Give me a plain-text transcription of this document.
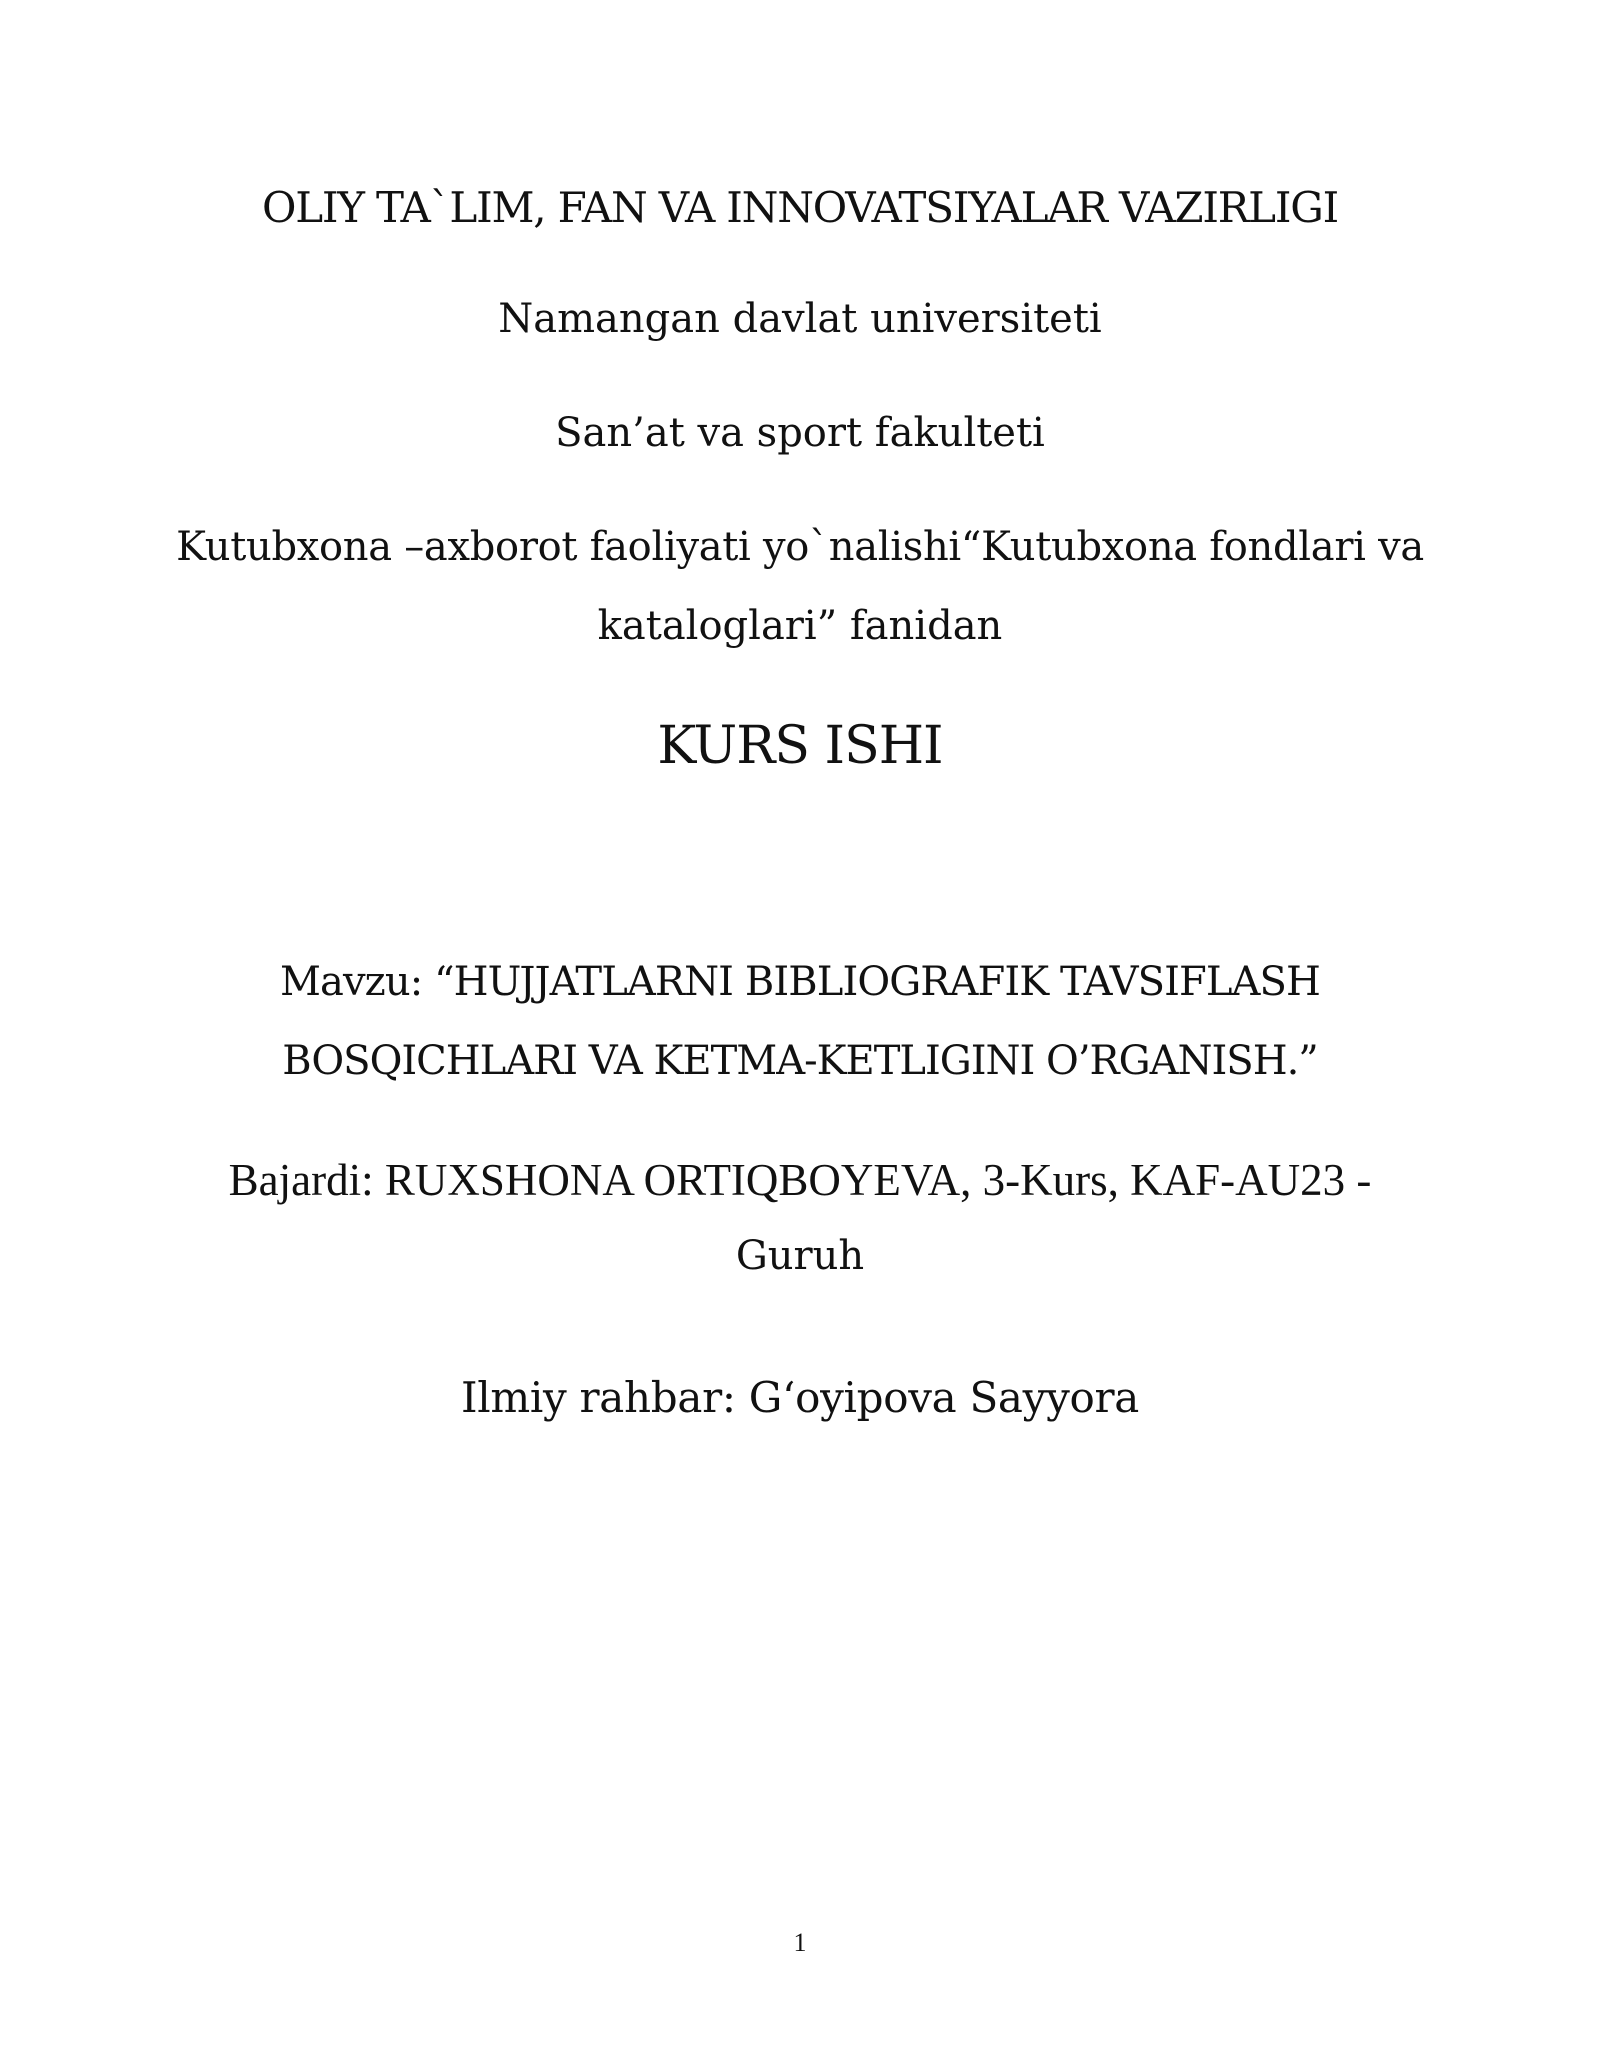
OLIY TA`LIM, FAN VA INNOVATSIYALAR VAZIRLIGI
Namangan davlat universiteti
San’at va sport fakulteti
Kutubxona –axborot faoliyati yo`nalishi“Kutubxona fondlari va
kataloglari” fanidan
KURS ISHI
Mavzu: “HUJJATLARNI BIBLIOGRAFIK TAVSIFLASH
BOSQICHLARI VA KETMA-KETLIGINI O’RGANISH.”
Bajardi: RUXSHONA ORTIQBOYEVA, 3-Kurs, KAF-AU23 -
Guruh
Ilmiy rahbar: G‘oyipova Sayyora
1
